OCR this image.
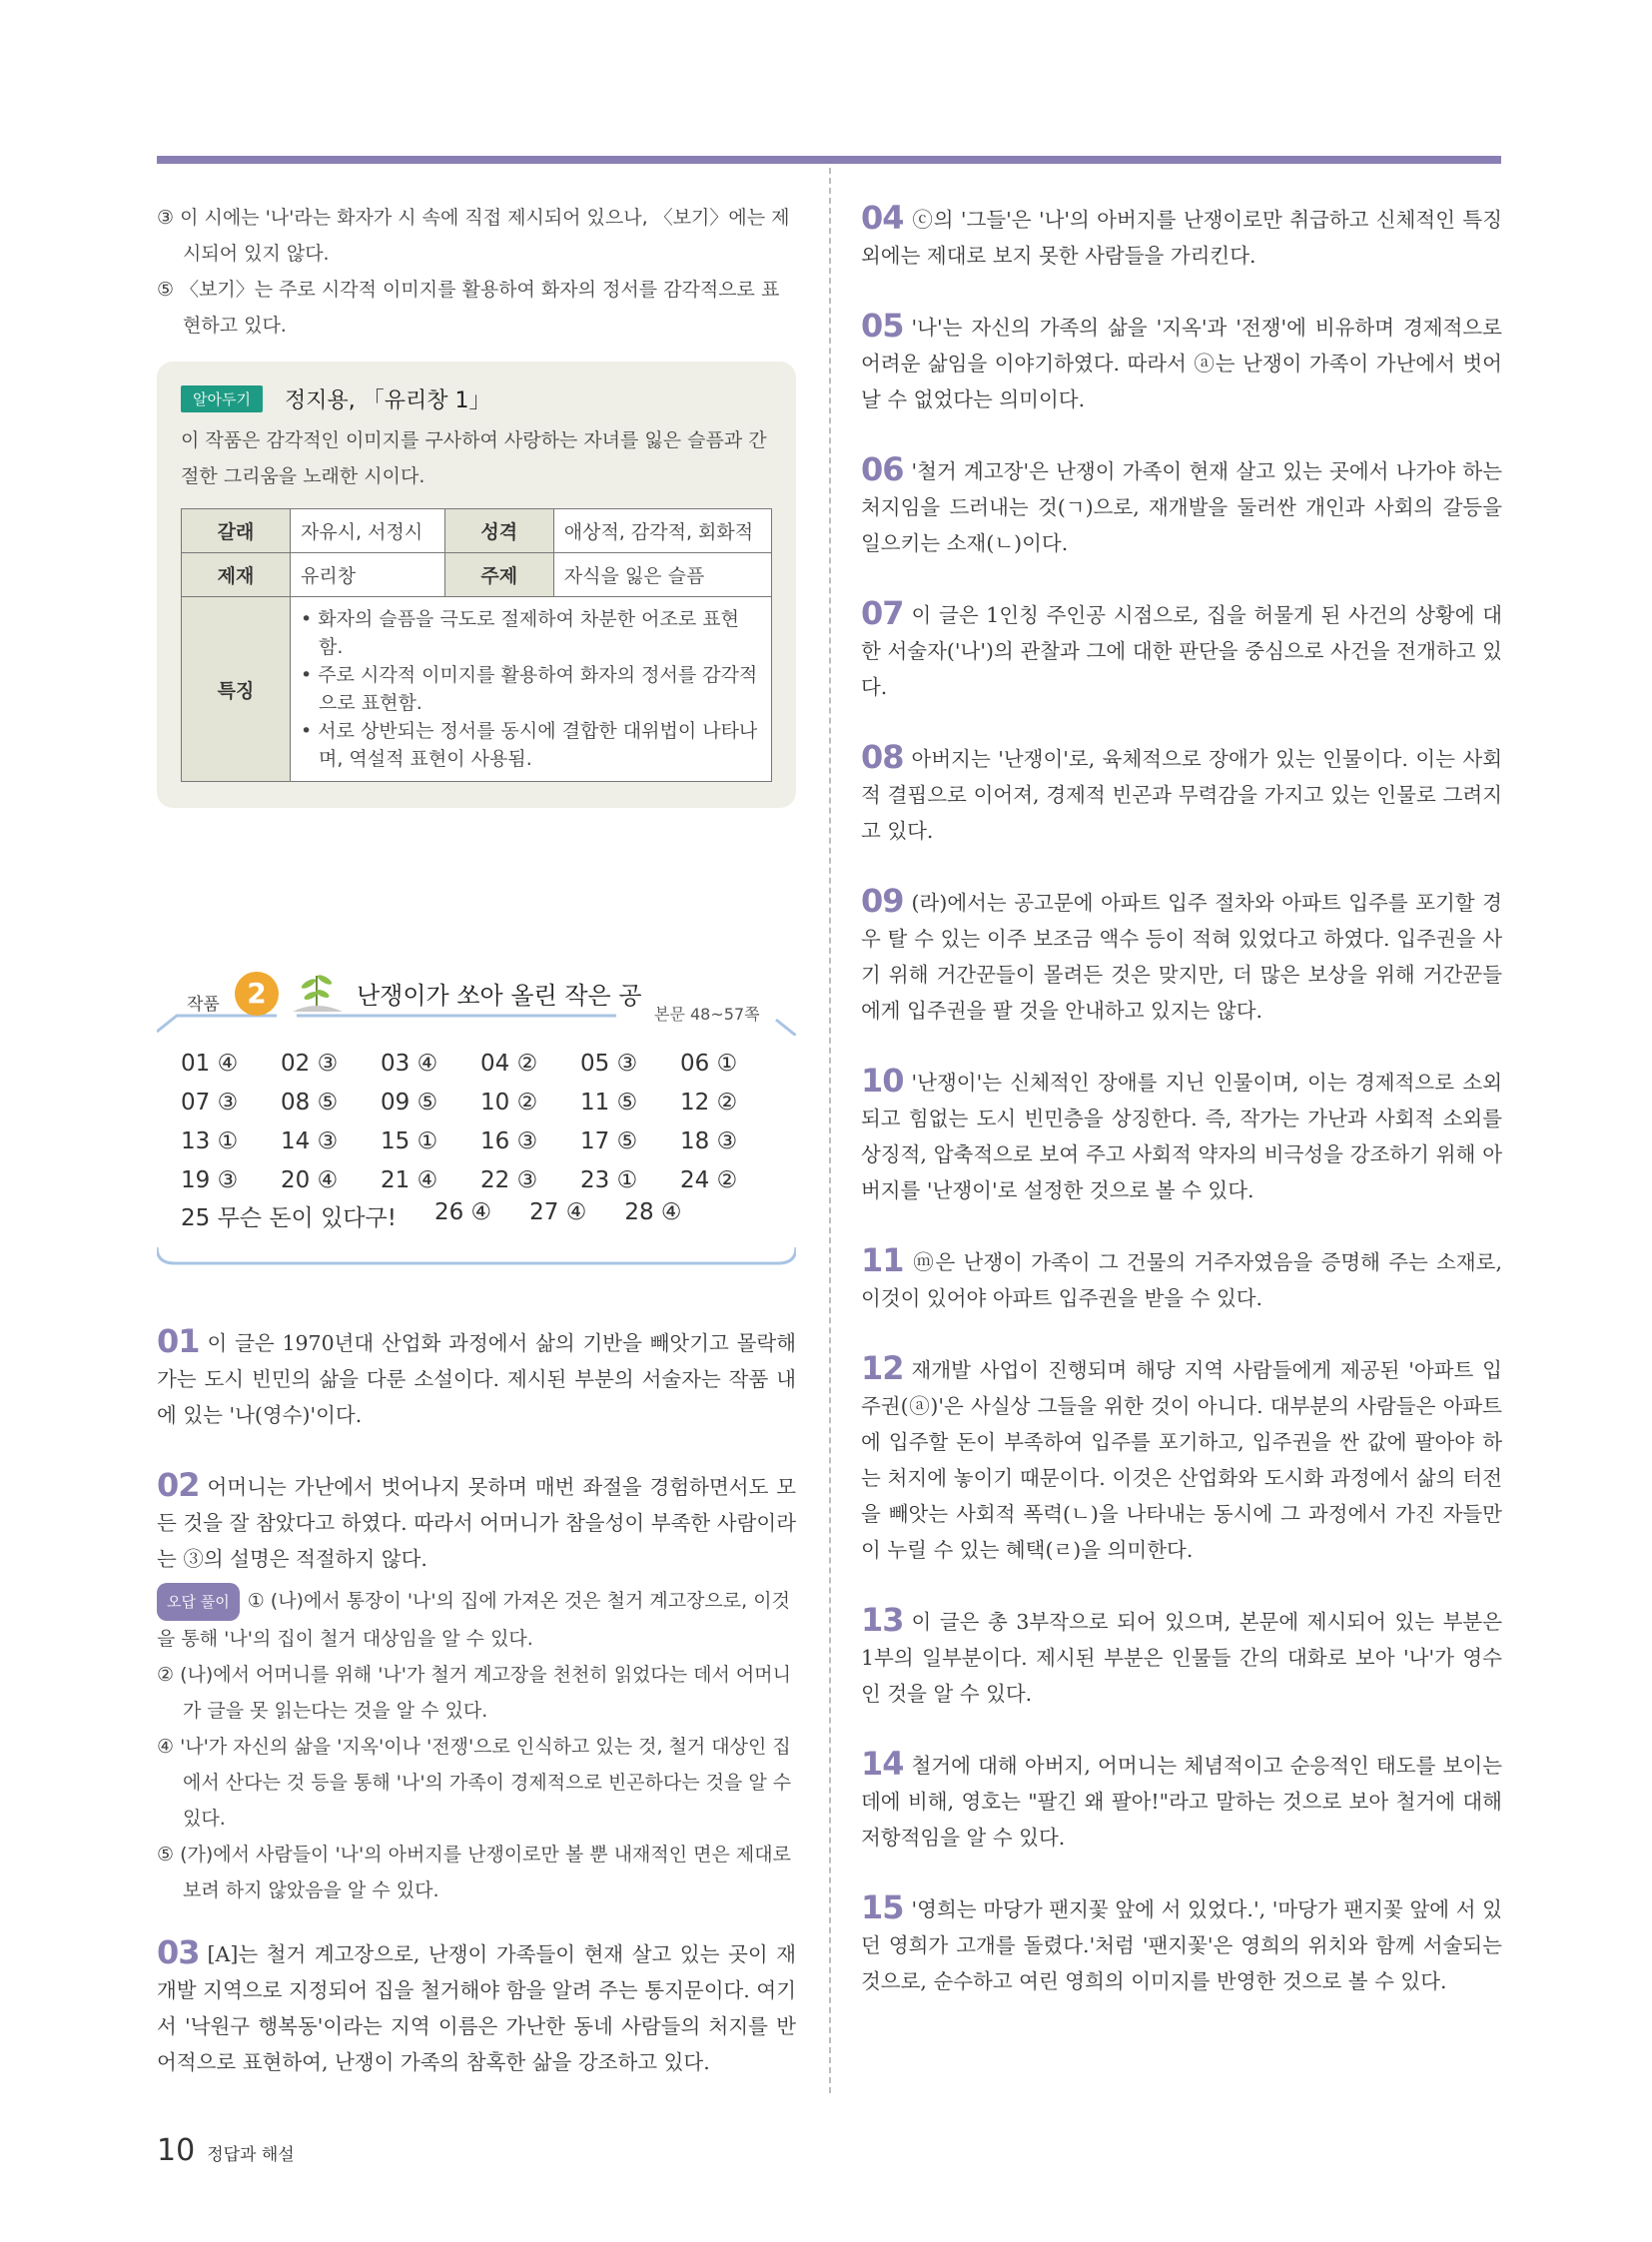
③ 이 시에는 '나'라는 화자가 시 속에 직접 제시되어 있으나, 〈보기〉에는 제시되어 있지 않다.
⑤ 〈보기〉는 주로 시각적 이미지를 활용하여 화자의 정서를 감각적으로 표현하고 있다.
알아두기	정지용, 「유리창 1」
이 작품은 감각적인 이미지를 구사하여 사랑하는 자녀를 잃은 슬픔과 간절한 그리움을 노래한 시이다.
갈래	자유시, 서정시	성격	애상적, 감각적, 회화적
제재	유리창	주제	자식을 잃은 슬픔
특징	• 화자의 슬픔을 극도로 절제하여 차분한 어조로 표현함.
• 주로 시각적 이미지를 활용하여 화자의 정서를 감각적으로 표현함.
• 서로 상반되는 정서를 동시에 결합한 대위법이 나타나며, 역설적 표현이 사용됨.		
작품 2	난쟁이가 쏘아 올린 작은 공
본문 48~57쪽
01 ④	02 ③	03 ④	04 ②	05 ③	06 ①
07 ③	08 ⑤	09 ⑤	10 ②	11 ⑤	12 ②
13 ①	14 ③	15 ①	16 ③	17 ⑤	18 ③
19 ③	20 ④	21 ④	22 ③	23 ①	24 ②
25 무슨 돈이 있다구! 26 ④ 27 ④ 28 ④

01 이 글은 1970년대 산업화 과정에서 삶의 기반을 빼앗기고 몰락해 가는 도시 빈민의 삶을 다룬 소설이다. 제시된 부분의 서술자는 작품 내에 있는 '나(영수)'이다.

02 어머니는 가난에서 벗어나지 못하며 매번 좌절을 경험하면서도 모든 것을 잘 참았다고 하였다. 따라서 어머니가 참을성이 부족한 사람이라는 ③의 설명은 적절하지 않다.

오답 풀이 ① (나)에서 통장이 '나'의 집에 가져온 것은 철거 계고장으로, 이것을 통해 '나'의 집이 철거 대상임을 알 수 있다.
② (나)에서 어머니를 위해 '나'가 철거 계고장을 천천히 읽었다는 데서 어머니가 글을 못 읽는다는 것을 알 수 있다.
④ '나'가 자신의 삶을 '지옥'이나 '전쟁'으로 인식하고 있는 것, 철거 대상인 집에서 산다는 것 등을 통해 '나'의 가족이 경제적으로 빈곤하다는 것을 알 수 있다.
⑤ (가)에서 사람들이 '나'의 아버지를 난쟁이로만 볼 뿐 내재적인 면은 제대로 보려 하지 않았음을 알 수 있다.

03 [A]는 철거 계고장으로, 난쟁이 가족들이 현재 살고 있는 곳이 재개발 지역으로 지정되어 집을 철거해야 함을 알려 주는 통지문이다. 여기서 '낙원구 행복동'이라는 지역 이름은 가난한 동네 사람들의 처지를 반어적으로 표현하여, 난쟁이 가족의 참혹한 삶을 강조하고 있다.

04 ⓒ의 '그들'은 '나'의 아버지를 난쟁이로만 취급하고 신체적인 특징 외에는 제대로 보지 못한 사람들을 가리킨다.

05 '나'는 자신의 가족의 삶을 '지옥'과 '전쟁'에 비유하며 경제적으로 어려운 삶임을 이야기하였다. 따라서 ⓐ는 난쟁이 가족이 가난에서 벗어날 수 없었다는 의미이다.

06 '철거 계고장'은 난쟁이 가족이 현재 살고 있는 곳에서 나가야 하는 처지임을 드러내는 것(ㄱ)으로, 재개발을 둘러싼 개인과 사회의 갈등을 일으키는 소재(ㄴ)이다.

07 이 글은 1인칭 주인공 시점으로, 집을 허물게 된 사건의 상황에 대한 서술자('나')의 관찰과 그에 대한 판단을 중심으로 사건을 전개하고 있다.

08 아버지는 '난쟁이'로, 육체적으로 장애가 있는 인물이다. 이는 사회적 결핍으로 이어져, 경제적 빈곤과 무력감을 가지고 있는 인물로 그려지고 있다.

09 (라)에서는 공고문에 아파트 입주 절차와 아파트 입주를 포기할 경우 탈 수 있는 이주 보조금 액수 등이 적혀 있었다고 하였다. 입주권을 사기 위해 거간꾼들이 몰려든 것은 맞지만, 더 많은 보상을 위해 거간꾼들에게 입주권을 팔 것을 안내하고 있지는 않다.

10 '난쟁이'는 신체적인 장애를 지닌 인물이며, 이는 경제적으로 소외되고 힘없는 도시 빈민층을 상징한다. 즉, 작가는 가난과 사회적 소외를 상징적, 압축적으로 보여 주고 사회적 약자의 비극성을 강조하기 위해 아버지를 '난쟁이'로 설정한 것으로 볼 수 있다.

11 ⓜ은 난쟁이 가족이 그 건물의 거주자였음을 증명해 주는 소재로, 이것이 있어야 아파트 입주권을 받을 수 있다.

12 재개발 사업이 진행되며 해당 지역 사람들에게 제공된 '아파트 입주권(ⓐ)'은 사실상 그들을 위한 것이 아니다. 대부분의 사람들은 아파트에 입주할 돈이 부족하여 입주를 포기하고, 입주권을 싼 값에 팔아야 하는 처지에 놓이기 때문이다. 이것은 산업화와 도시화 과정에서 삶의 터전을 빼앗는 사회적 폭력(ㄴ)을 나타내는 동시에 그 과정에서 가진 자들만이 누릴 수 있는 혜택(ㄹ)을 의미한다.

13 이 글은 총 3부작으로 되어 있으며, 본문에 제시되어 있는 부분은 1부의 일부분이다. 제시된 부분은 인물들 간의 대화로 보아 '나'가 영수인 것을 알 수 있다.

14 철거에 대해 아버지, 어머니는 체념적이고 순응적인 태도를 보이는 데에 비해, 영호는 "팔긴 왜 팔아!"라고 말하는 것으로 보아 철거에 대해 저항적임을 알 수 있다.

15 '영희는 마당가 팬지꽃 앞에 서 있었다.', '마당가 팬지꽃 앞에 서 있던 영희가 고개를 돌렸다.'처럼 '팬지꽃'은 영희의 위치와 함께 서술되는 것으로, 순수하고 여린 영희의 이미지를 반영한 것으로 볼 수 있다.

10 정답과 해설
